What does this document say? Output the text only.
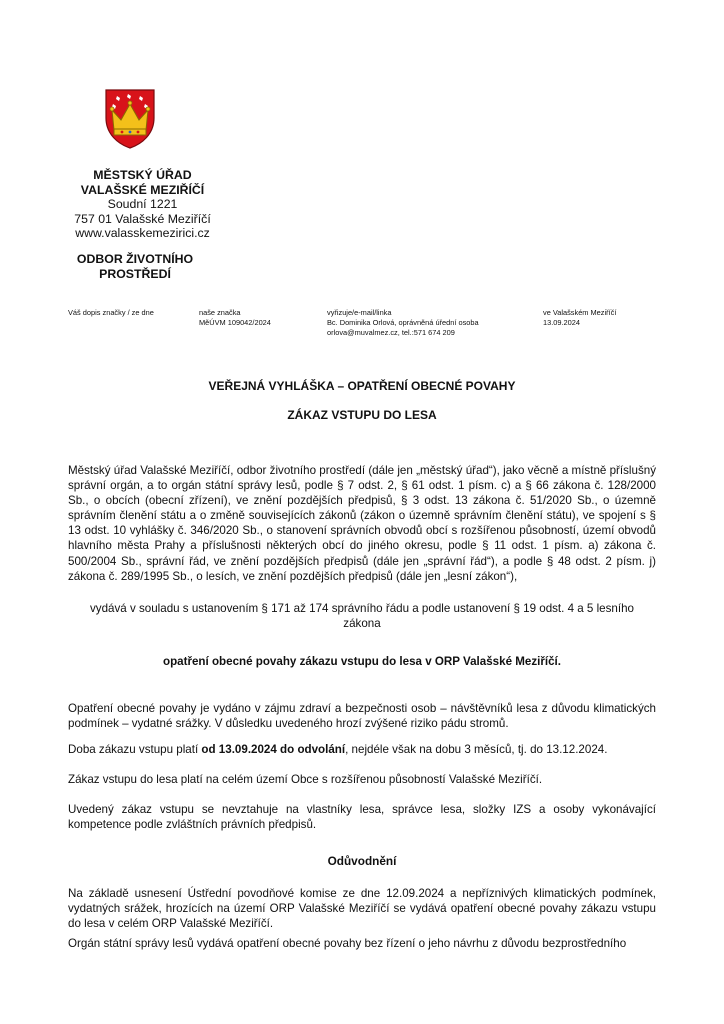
MĚSTSKÝ ÚŘAD
VALAŠSKÉ MEZIŘÍČÍ
Soudní 1221
757 01 Valašské Meziříčí
www.valasskemezirici.cz
ODBOR ŽIVOTNÍHO
PROSTŘEDÍ
Váš dopis značky / ze dne	naše značka
MěÚVM 109042/2024
vyřizuje/e-mail/linka
Bc. Dominika Orlová, oprávněná úřední osoba
orlova@muvalmez.cz, tel.:571 674 209
ve Valašském Meziříčí
13.09.2024
VEŘEJNÁ VYHLÁŠKA – OPATŘENÍ OBECNÉ POVAHY
ZÁKAZ VSTUPU DO LESA
Městský úřad Valašské Meziříčí, odbor životního prostředí (dále jen „městský úřad“), jako věcně a místně příslušný správní orgán, a to orgán státní správy lesů, podle § 7 odst. 2, § 61 odst. 1 písm. c) a § 66 zákona č. 128/2000 Sb., o obcích (obecní zřízení), ve znění pozdějších předpisů, § 3 odst. 13 zákona č. 51/2020 Sb., o územně správním členění státu a o změně souvisejících zákonů (zákon o územně správním členění státu), ve spojení s § 13 odst. 10 vyhlášky č. 346/2020 Sb., o stanovení správních obvodů obcí s rozšířenou působností, území obvodů hlavního města Prahy a příslušnosti některých obcí do jiného okresu, podle § 11 odst. 1 písm. a) zákona č. 500/2004 Sb., správní řád, ve znění pozdějších předpisů (dále jen „správní řád“), a podle § 48 odst. 2 písm. j) zákona č. 289/1995 Sb., o lesích, ve znění pozdějších předpisů (dále jen „lesní zákon“),
vydává v souladu s ustanovením § 171 až 174 správního řádu a podle ustanovení § 19 odst. 4 a 5 lesního
zákona
opatření obecné povahy zákazu vstupu do lesa v ORP Valašské Meziříčí.
Opatření obecné povahy je vydáno v zájmu zdraví a bezpečnosti osob – návštěvníků lesa z důvodu klimatických podmínek – vydatné srážky. V důsledku uvedeného hrozí zvýšené riziko pádu stromů.
Doba zákazu vstupu platí od 13.09.2024 do odvolání, nejdéle však na dobu 3 měsíců, tj. do 13.12.2024.
Zákaz vstupu do lesa platí na celém území Obce s rozšířenou působností Valašské Meziříčí.
Uvedený zákaz vstupu se nevztahuje na vlastníky lesa, správce lesa, složky IZS a osoby vykonávající kompetence podle zvláštních právních předpisů.
Odůvodnění
Na základě usnesení Ústřední povodňové komise ze dne 12.09.2024 a nepříznivých klimatických podmínek, vydatných srážek, hrozících na území ORP Valašské Meziříčí se vydává opatření obecné povahy zákazu vstupu do lesa v celém ORP Valašské Meziříčí.
Orgán státní správy lesů vydává opatření obecné povahy bez řízení o jeho návrhu z důvodu bezprostředního
